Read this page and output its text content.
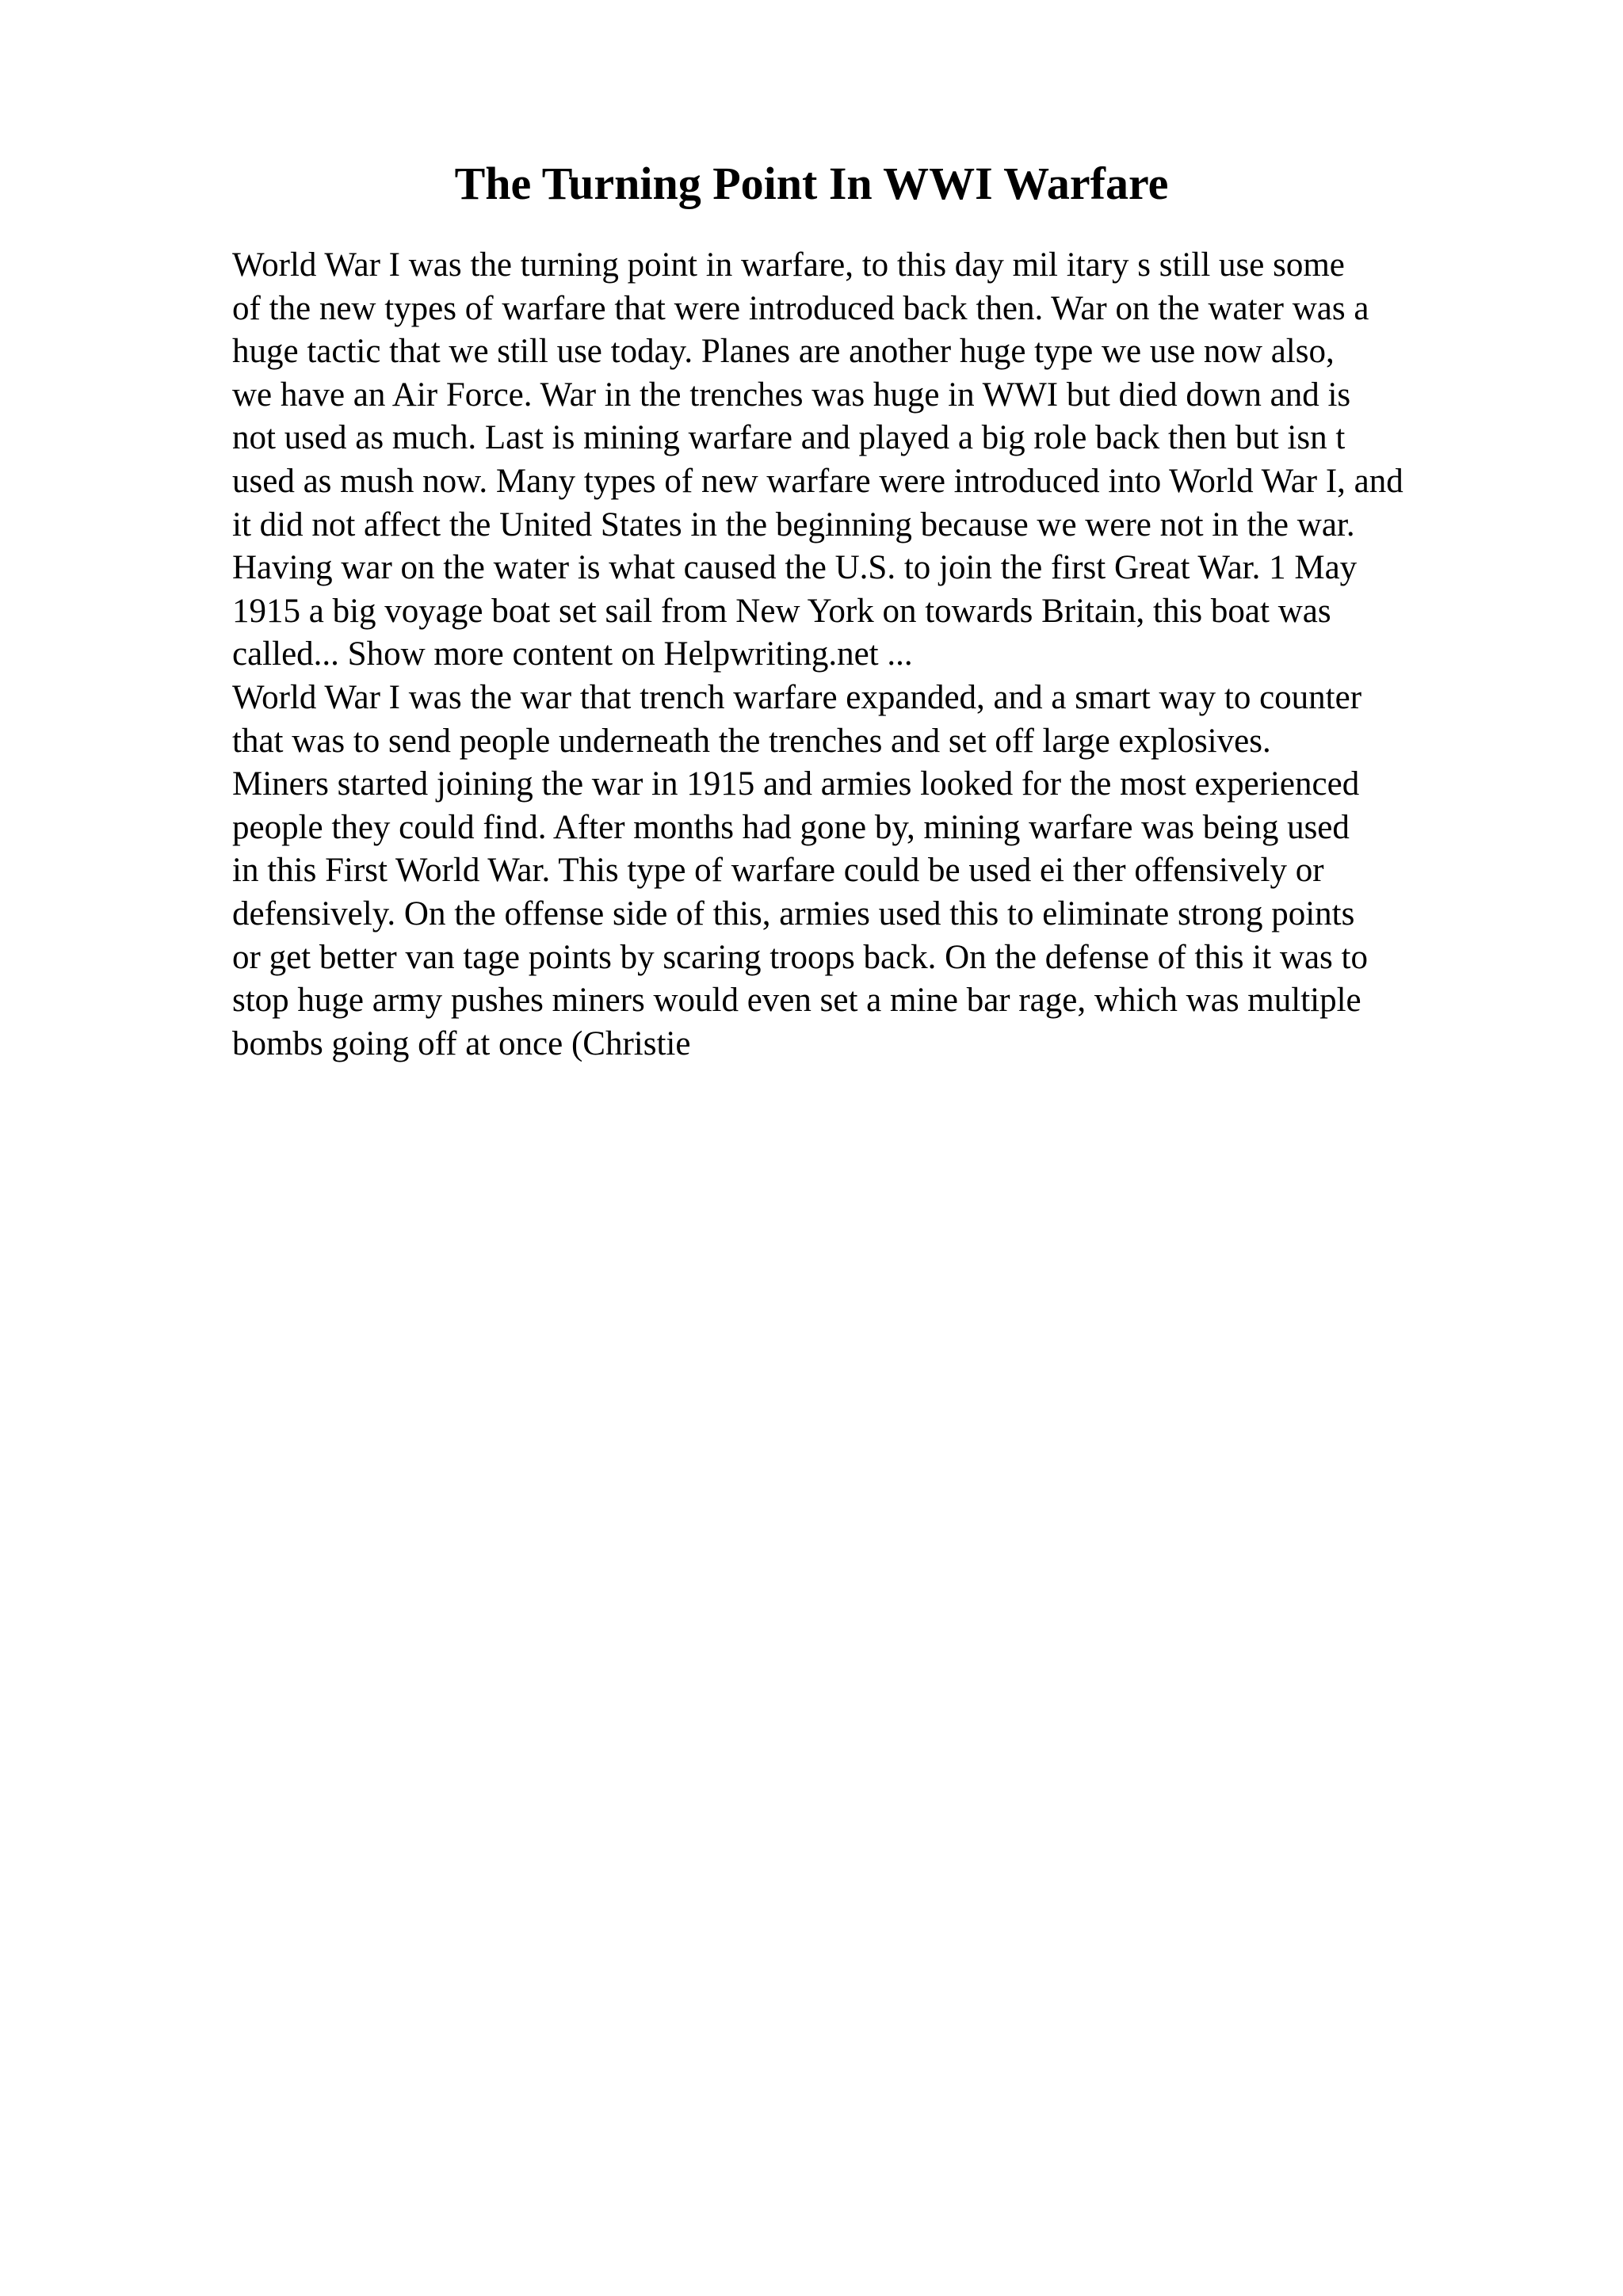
The Turning Point In WWI Warfare
World War I was the turning point in warfare, to this day mil itary s still use some
of the new types of warfare that were introduced back then. War on the water was a
huge tactic that we still use today. Planes are another huge type we use now also,
we have an Air Force. War in the trenches was huge in WWI but died down and is
not used as much. Last is mining warfare and played a big role back then but isn t
used as mush now. Many types of new warfare were introduced into World War I, and
it did not affect the United States in the beginning because we were not in the war.
Having war on the water is what caused the U.S. to join the first Great War. 1 May
1915 a big voyage boat set sail from New York on towards Britain, this boat was
called... Show more content on Helpwriting.net ...
World War I was the war that trench warfare expanded, and a smart way to counter
that was to send people underneath the trenches and set off large explosives.
Miners started joining the war in 1915 and armies looked for the most experienced
people they could find. After months had gone by, mining warfare was being used
in this First World War. This type of warfare could be used ei ther offensively or
defensively. On the offense side of this, armies used this to eliminate strong points
or get better van tage points by scaring troops back. On the defense of this it was to
stop huge army pushes miners would even set a mine bar rage, which was multiple
bombs going off at once (Christie
